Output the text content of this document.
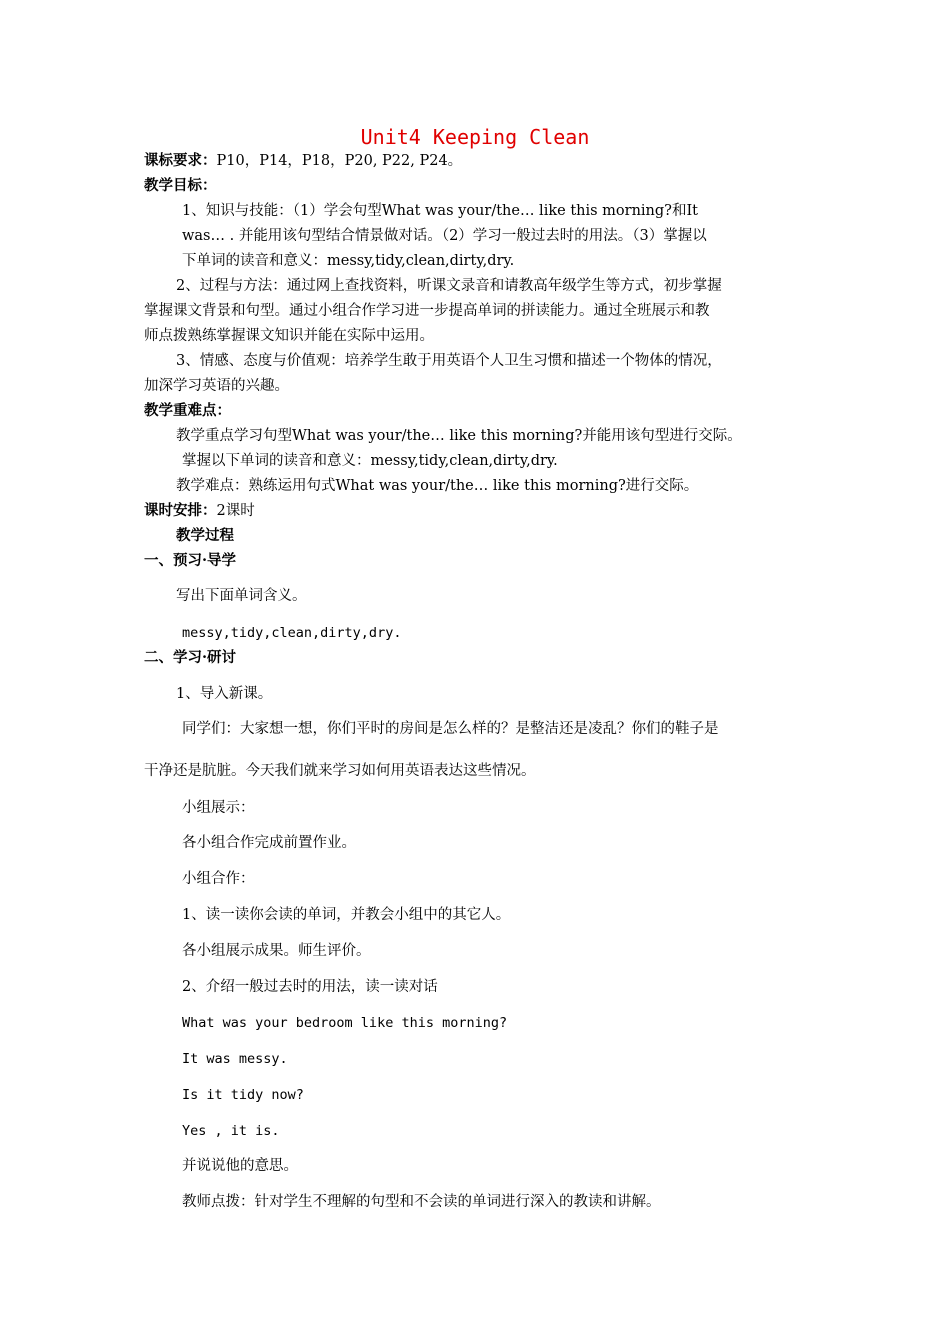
Unit4 Keeping Clean
课标要求：P10，P14，P18，P20, P22, P24。
教学目标：
1、知识与技能：（1）学会句型What was your/the… like this morning?和It
was… . 并能用该句型结合情景做对话。（2）学习一般过去时的用法。（3）掌握以
下单词的读音和意义：messy,tidy,clean,dirty,dry.
2、过程与方法：通过网上查找资料，听课文录音和请教高年级学生等方式，初步掌握
掌握课文背景和句型。通过小组合作学习进一步提高单词的拼读能力。通过全班展示和教
师点拨熟练掌握课文知识并能在实际中运用。
3、情感、态度与价值观：培养学生敢于用英语个人卫生习惯和描述一个物体的情况，
加深学习英语的兴趣。
教学重难点：
教学重点学习句型What was your/the… like this morning?并能用该句型进行交际。
掌握以下单词的读音和意义：messy,tidy,clean,dirty,dry.
教学难点：熟练运用句式What was your/the… like this morning?进行交际。
课时安排：2课时
教学过程
一、预习·导学
写出下面单词含义。
messy,tidy,clean,dirty,dry.
二、学习·研讨
1、导入新课。
同学们：大家想一想，你们平时的房间是怎么样的？是整洁还是凌乱？你们的鞋子是
干净还是肮脏。今天我们就来学习如何用英语表达这些情况。
小组展示：
各小组合作完成前置作业。
小组合作：
1、读一读你会读的单词，并教会小组中的其它人。
各小组展示成果。师生评价。
2、介绍一般过去时的用法，读一读对话
What was your bedroom like this morning?
It was messy.
Is it tidy now?
Yes , it is.
并说说他的意思。
教师点拨：针对学生不理解的句型和不会读的单词进行深入的教读和讲解。
